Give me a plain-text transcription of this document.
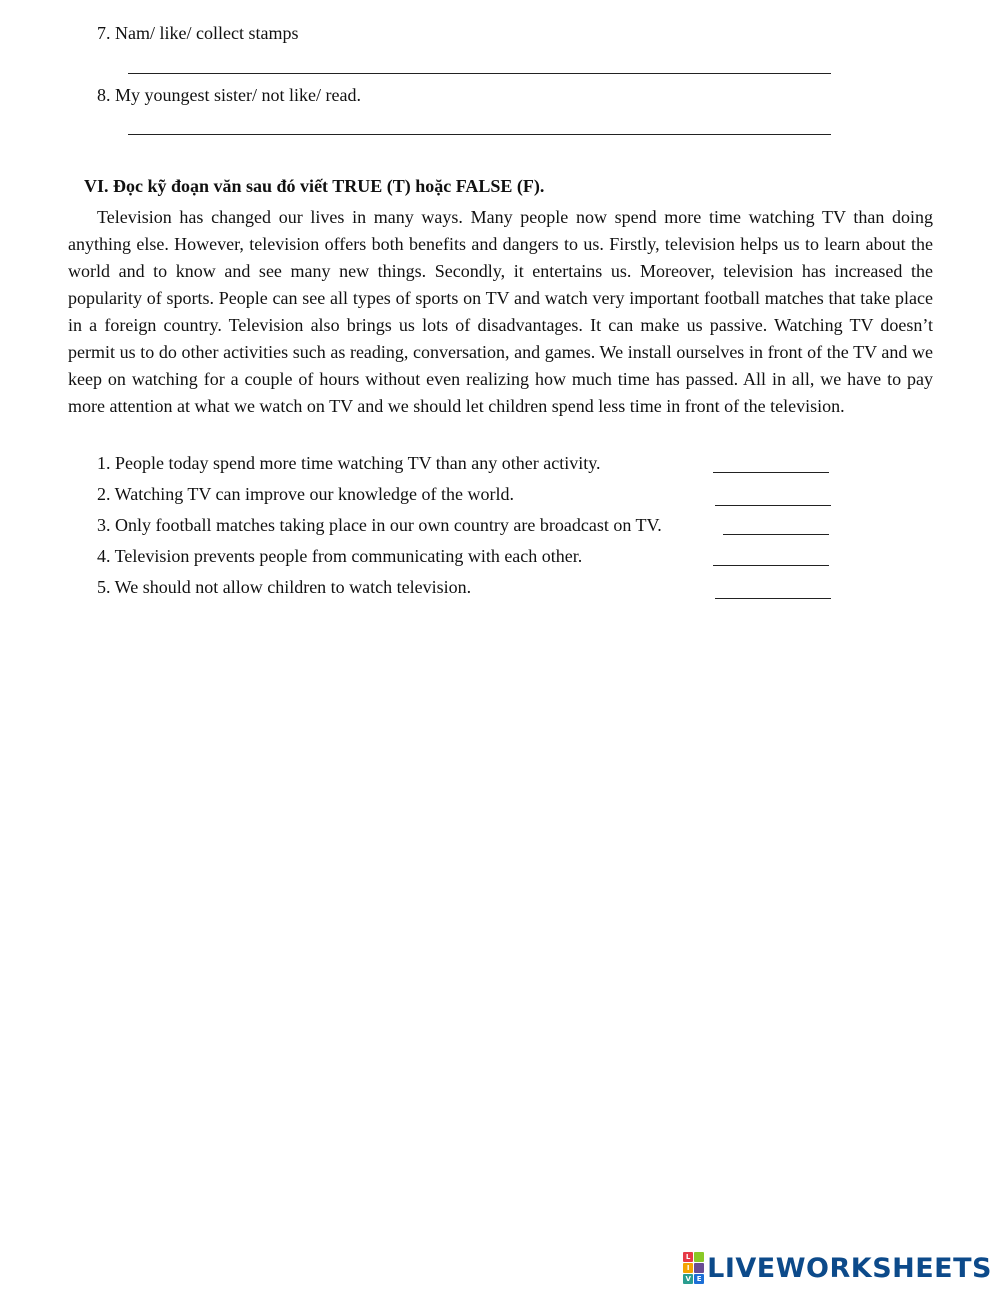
7. Nam/ like/ collect stamps
8. My youngest sister/ not like/ read.
VI. Đọc kỹ đoạn văn sau đó viết TRUE (T) hoặc FALSE (F).
Television has changed our lives in many ways. Many people now spend more time watching TV than doing anything else. However, television offers both benefits and dangers to us. Firstly, television helps us to learn about the world and to know and see many new things. Secondly, it entertains us. Moreover, television has increased the popularity of sports. People can see all types of sports on TV and watch very important football matches that take place in a foreign country. Television also brings us lots of disadvantages. It can make us passive. Watching TV doesn’t permit us to do other activities such as reading, conversation, and games. We install ourselves in front of the TV and we keep on watching for a couple of hours without even realizing how much time has passed. All in all, we have to pay more attention at what we watch on TV and we should let children spend less time in front of the television.
1. People today spend more time watching TV than any other activity.
2. Watching TV can improve our knowledge of the world.
3. Only football matches taking place in our own country are broadcast on TV.
4. Television prevents people from communicating with each other.
5. We should not allow children to watch television.
L
I
V E LIVEWORKSHEETS
